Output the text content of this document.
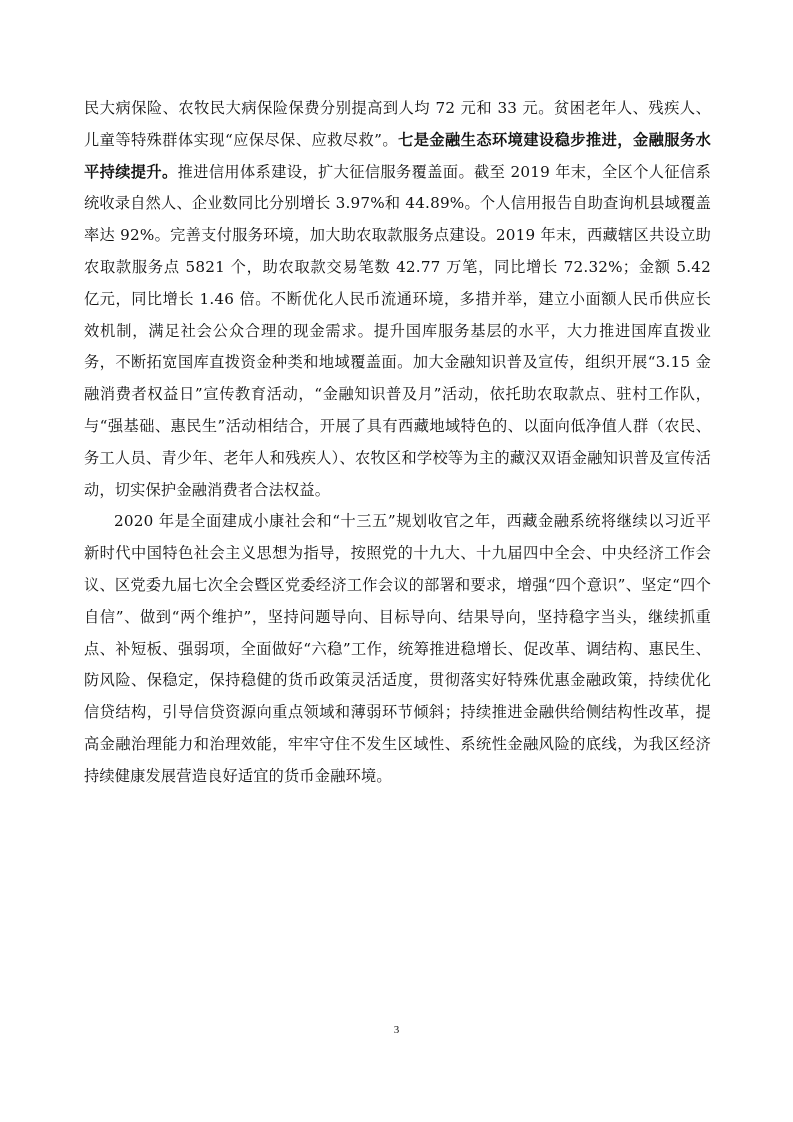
民大病保险、农牧民大病保险保费分别提高到人均 72 元和 33 元。贫困老年人、残疾人、儿童等特殊群体实现“应保尽保、应救尽救”。七是金融生态环境建设稳步推进，金融服务水平持续提升。推进信用体系建设，扩大征信服务覆盖面。截至 2019 年末，全区个人征信系统收录自然人、企业数同比分别增长 3.97%和 44.89%。个人信用报告自助查询机县域覆盖率达 92%。完善支付服务环境，加大助农取款服务点建设。2019 年末，西藏辖区共设立助农取款服务点 5821 个，助农取款交易笔数 42.77 万笔，同比增长 72.32%；金额 5.42 亿元，同比增长 1.46 倍。不断优化人民币流通环境，多措并举，建立小面额人民币供应长效机制，满足社会公众合理的现金需求。提升国库服务基层的水平，大力推进国库直拨业务，不断拓宽国库直拨资金种类和地域覆盖面。加大金融知识普及宣传，组织开展“3.15 金融消费者权益日”宣传教育活动，“金融知识普及月”活动，依托助农取款点、驻村工作队，与“强基础、惠民生”活动相结合，开展了具有西藏地域特色的、以面向低净值人群（农民、务工人员、青少年、老年人和残疾人）、农牧区和学校等为主的藏汉双语金融知识普及宣传活动，切实保护金融消费者合法权益。

2020 年是全面建成小康社会和“十三五”规划收官之年，西藏金融系统将继续以习近平新时代中国特色社会主义思想为指导，按照党的十九大、十九届四中全会、中央经济工作会议、区党委九届七次全会暨区党委经济工作会议的部署和要求，增强“四个意识”、坚定“四个自信”、做到“两个维护”，坚持问题导向、目标导向、结果导向，坚持稳字当头，继续抓重点、补短板、强弱项，全面做好“六稳”工作，统筹推进稳增长、促改革、调结构、惠民生、防风险、保稳定，保持稳健的货币政策灵活适度，贯彻落实好特殊优惠金融政策，持续优化信贷结构，引导信贷资源向重点领域和薄弱环节倾斜；持续推进金融供给侧结构性改革，提高金融治理能力和治理效能，牢牢守住不发生区域性、系统性金融风险的底线，为我区经济持续健康发展营造良好适宜的货币金融环境。

3
